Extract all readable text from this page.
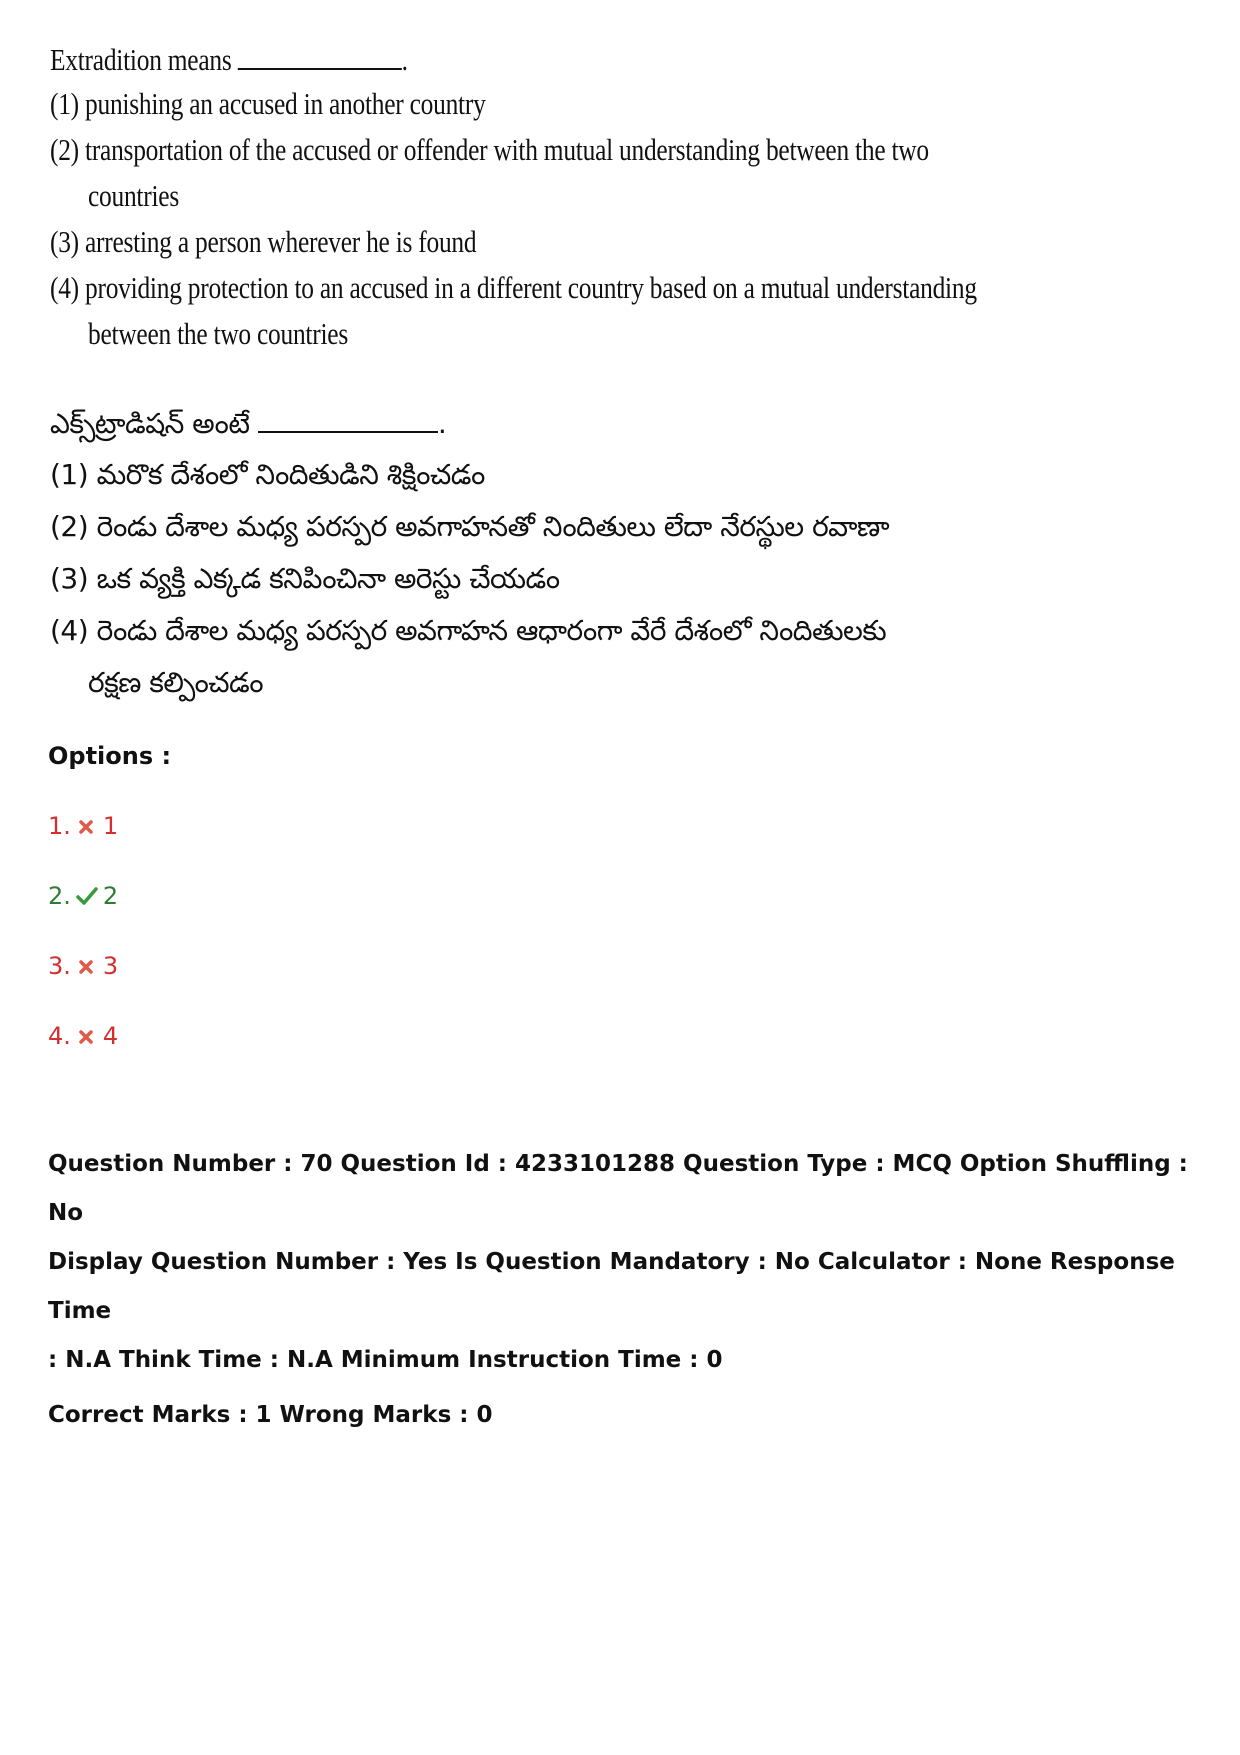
Extradition means	.
(1) punishing an accused in another country
(2) transportation of the accused or offender with mutual understanding between the two
countries
(3) arresting a person wherever he is found
(4) providing protection to an accused in a different country based on a mutual understanding
between the two countries
ఎక్స్‌ట్రాడిషన్ అంటే	.
(1) మరొక దేశంలో నిందితుడిని శిక్షించడం
(2) రెండు దేశాల మధ్య పరస్పర అవగాహనతో నిందితులు లేదా నేరస్థుల రవాణా
(3) ఒక వ్యక్తి ఎక్కడ కనిపించినా అరెస్టు చేయడం
(4) రెండు దేశాల మధ్య పరస్పర అవగాహన ఆధారంగా వేరే దేశంలో నిందితులకు
రక్షణ కల్పించడం
Options :
1. 1
2. 2
3. 3
4. 4
Question Number : 70 Question Id : 4233101288 Question Type : MCQ Option Shuffling : No
Display Question Number : Yes Is Question Mandatory : No Calculator : None Response Time
: N.A Think Time : N.A Minimum Instruction Time : 0
Correct Marks : 1 Wrong Marks : 0
